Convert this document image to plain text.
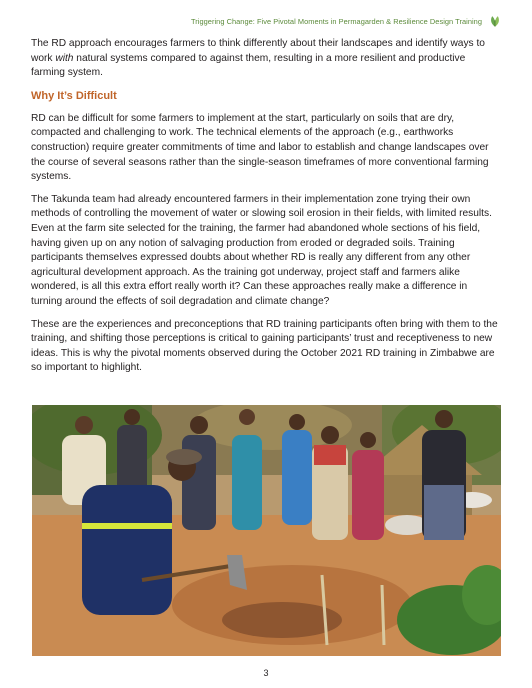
Triggering Change: Five Pivotal Moments in Permagarden & Resilience Design Training

The RD approach encourages farmers to think differently about their landscapes and identify ways to work with natural systems compared to against them, resulting in a more resilient and productive farming system.

Why It’s Difficult

RD can be difficult for some farmers to implement at the start, particularly on soils that are dry, compacted and challenging to work. The technical elements of the approach (e.g., earthworks construction) require greater commitments of time and labor to establish and change landscapes over the course of several seasons rather than the single-season timeframes of more conventional farming systems.

The Takunda team had already encountered farmers in their implementation zone trying their own methods of controlling the movement of water or slowing soil erosion in their fields, with limited results. Even at the farm site selected for the training, the farmer had abandoned whole sections of his field, having given up on any notion of salvaging production from eroded or degraded soils. Training participants themselves expressed doubts about whether RD is really any different from any other agricultural development approach. As the training got underway, project staff and farmers alike wondered, is all this extra effort really worth it? Can these approaches really make a difference in turning around the effects of soil degradation and climate change?

These are the experiences and preconceptions that RD training participants often bring with them to the training, and shifting those perceptions is critical to gaining participants’ trust and receptiveness to new ideas. This is why the pivotal moments observed during the October 2021 RD training in Zimbabwe are so important to highlight.

3
